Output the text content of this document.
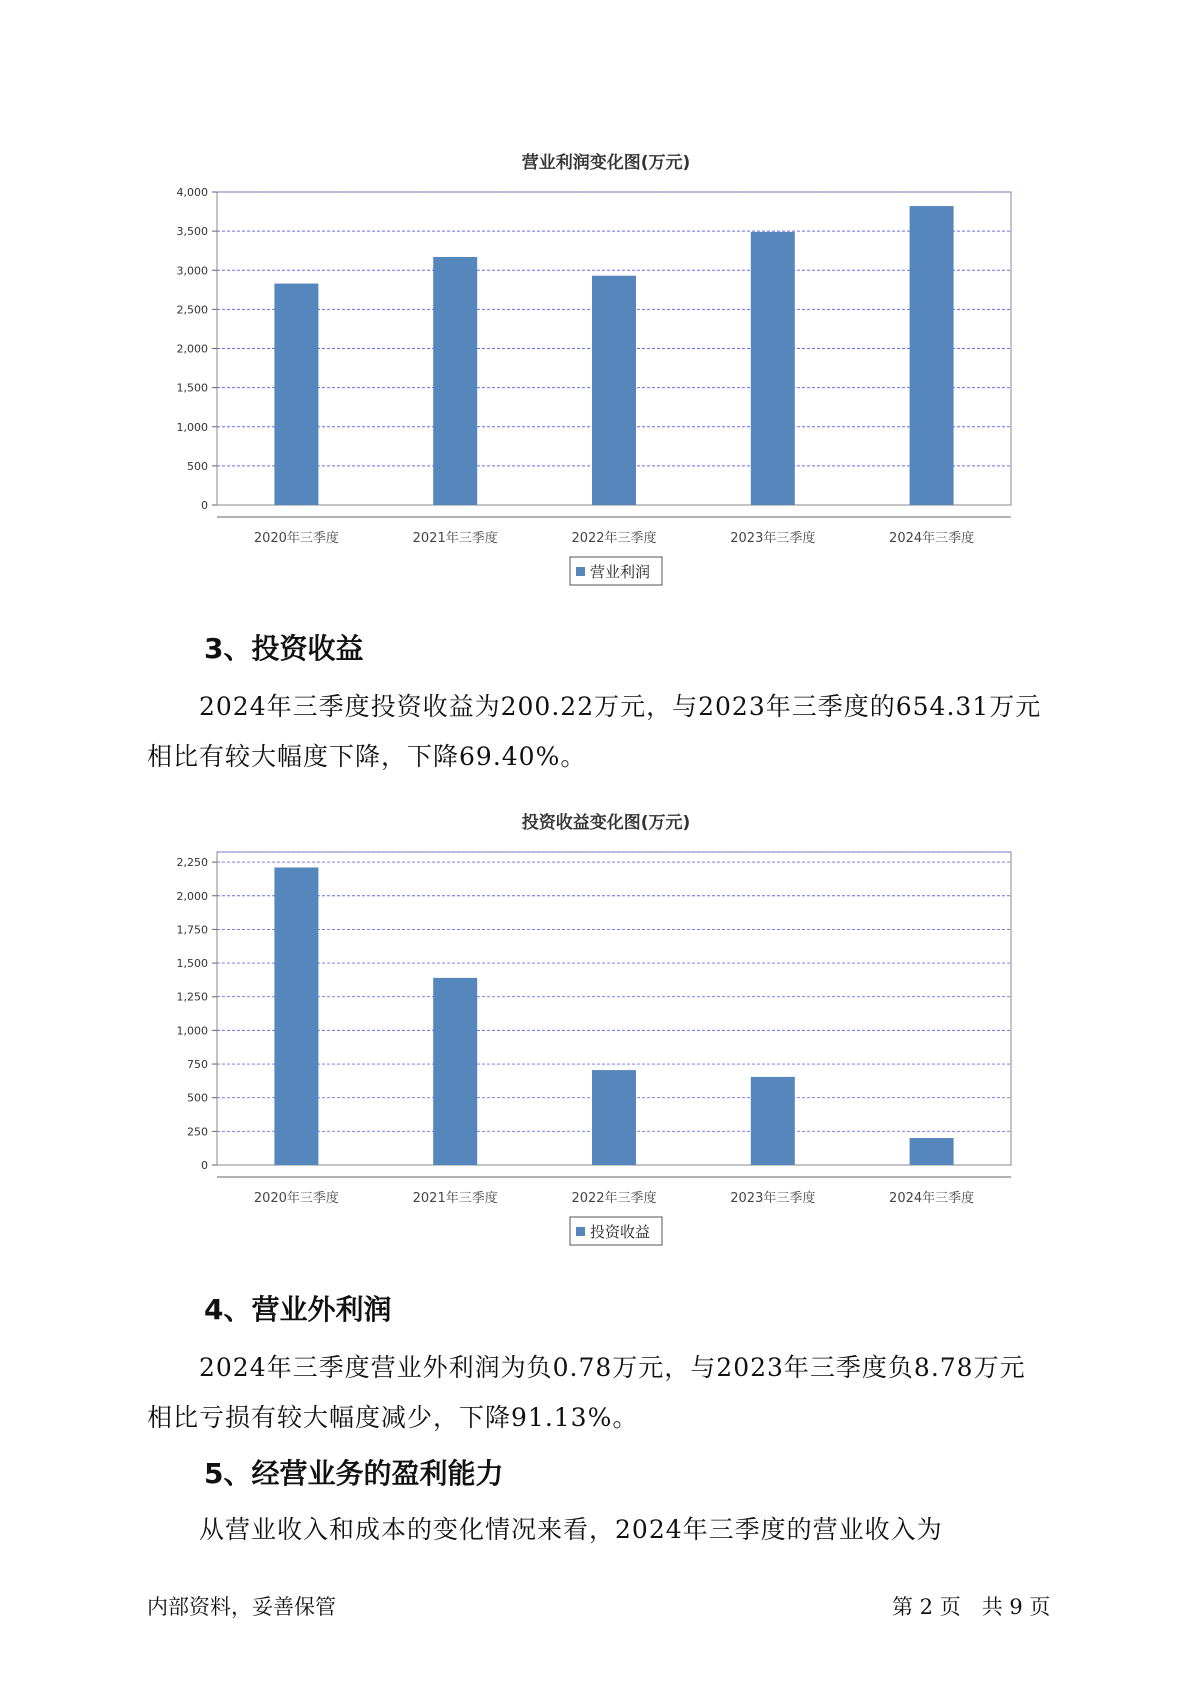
营业利润变化图(万元)
0
500
1,000
1,500
2,000
2,500
3,000
3,500
4,000
2020年三季度	2021年三季度	2022年三季度	2023年三季度	2024年三季度
营业利润
3、投资收益
2024年三季度投资收益为200.22万元，与2023年三季度的654.31万元
相比有较大幅度下降，下降69.40%。
投资收益变化图(万元)
0
250
500
750
1,000
1,250
1,500
1,750
2,000
2,250
2020年三季度	2021年三季度	2022年三季度	2023年三季度	2024年三季度
投资收益
4、营业外利润
2024年三季度营业外利润为负0.78万元，与2023年三季度负8.78万元
相比亏损有较大幅度减少，下降91.13%。
5、经营业务的盈利能力
从营业收入和成本的变化情况来看，2024年三季度的营业收入为
内部资料，妥善保管	第 2 页　共 9 页
